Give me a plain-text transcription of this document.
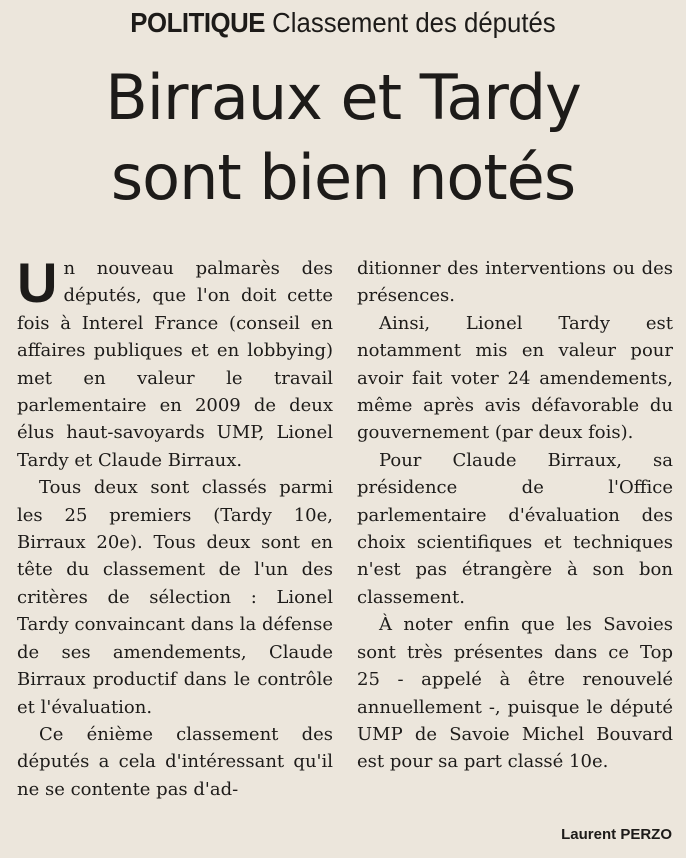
POLITIQUE Classement des députés
Birraux et Tardy
sont bien notés

U n nouveau palmarès des députés, que l'on doit cette fois à Interel France (conseil en affaires publiques et en lobbying) met en valeur le travail parlementaire en 2009 de deux élus haut-savoyards UMP, Lionel Tardy et Claude Birraux.

Tous deux sont classés parmi les 25 premiers (Tardy 10e, Birraux 20e). Tous deux sont en tête du classement de l'un des critères de sélection : Lionel Tardy convaincant dans la défense de ses amendements, Claude Birraux productif dans le contrôle et l'évaluation.

Ce énième classement des députés a cela d'intéressant qu'il ne se contente pas d'ad-

ditionner des interventions ou des présences.

Ainsi, Lionel Tardy est notamment mis en valeur pour avoir fait voter 24 amendements, même après avis défavorable du gouvernement (par deux fois).

Pour Claude Birraux, sa présidence de l'Office parlementaire d'évaluation des choix scientifiques et techniques n'est pas étrangère à son bon classement.

À noter enfin que les Savoies sont très présentes dans ce Top 25 - appelé à être renouvelé annuellement -, puisque le député UMP de Savoie Michel Bouvard est pour sa part classé 10e.

Laurent PERZO
